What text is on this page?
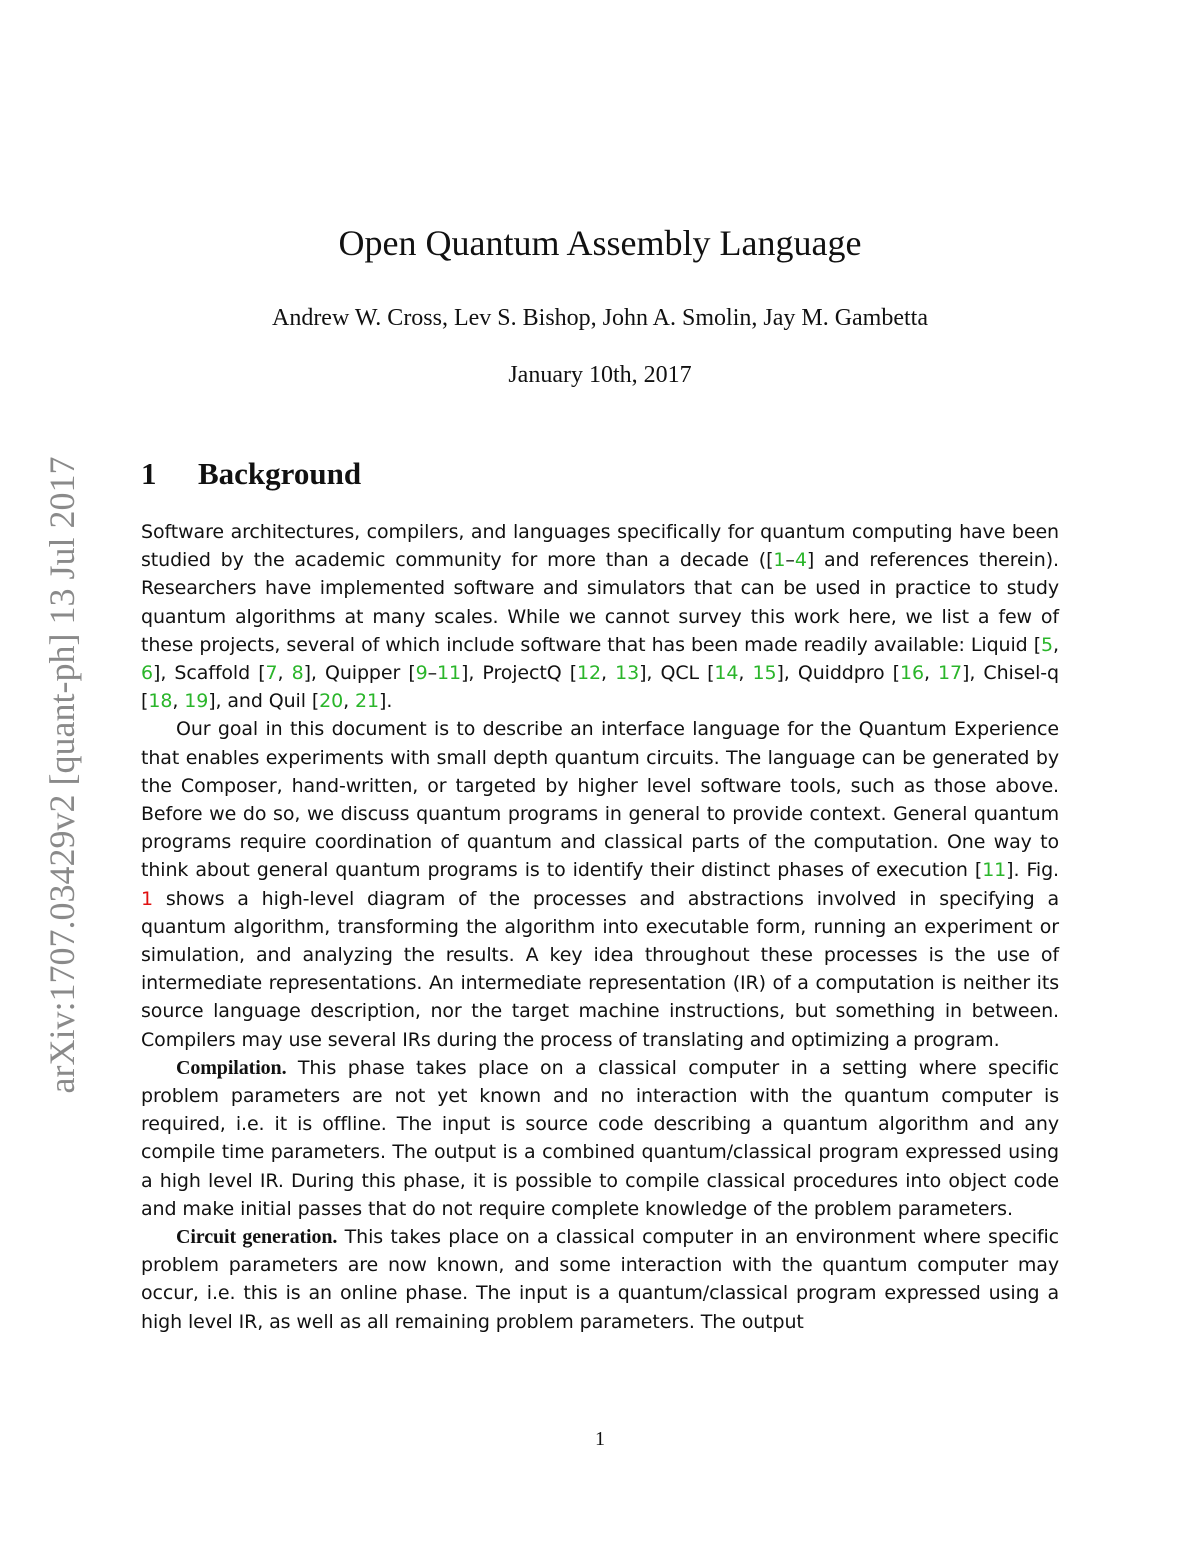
arXiv:1707.03429v2 [quant-ph] 13 Jul 2017
Open Quantum Assembly Language
Andrew W. Cross, Lev S. Bishop, John A. Smolin, Jay M. Gambetta
January 10th, 2017
1 Background

Software architectures, compilers, and languages specifically for quantum computing have been studied by the academic community for more than a decade ([1–4] and references therein). Researchers have implemented software and simulators that can be used in practice to study quantum algorithms at many scales. While we cannot survey this work here, we list a few of these projects, several of which include software that has been made readily available: Liquid [5, 6], Scaffold [7, 8], Quipper [9–11], ProjectQ [12, 13], QCL [14, 15], Quiddpro [16, 17], Chisel-q [18, 19], and Quil [20, 21].

Our goal in this document is to describe an interface language for the Quantum Experience that enables experiments with small depth quantum circuits. The language can be generated by the Composer, hand-written, or targeted by higher level software tools, such as those above. Before we do so, we discuss quantum programs in general to provide context. General quantum programs require coordination of quantum and classical parts of the computation. One way to think about general quantum programs is to identify their distinct phases of execution [11]. Fig. 1 shows a high-level diagram of the processes and abstractions involved in specifying a quantum algorithm, transforming the algorithm into executable form, running an experiment or simulation, and analyzing the results. A key idea throughout these processes is the use of intermediate representations. An intermediate representation (IR) of a computation is neither its source language description, nor the target machine instructions, but something in between. Compilers may use several IRs during the process of translating and optimizing a program.

Compilation. This phase takes place on a classical computer in a setting where specific problem parameters are not yet known and no interaction with the quantum computer is required, i.e. it is offline. The input is source code describing a quantum algorithm and any compile time parameters. The output is a combined quantum/classical program expressed using a high level IR. During this phase, it is possible to compile classical procedures into object code and make initial passes that do not require complete knowledge of the problem parameters.

Circuit generation. This takes place on a classical computer in an environment where specific problem parameters are now known, and some interaction with the quantum computer may occur, i.e. this is an online phase. The input is a quantum/classical program expressed using a high level IR, as well as all remaining problem parameters. The output

1
